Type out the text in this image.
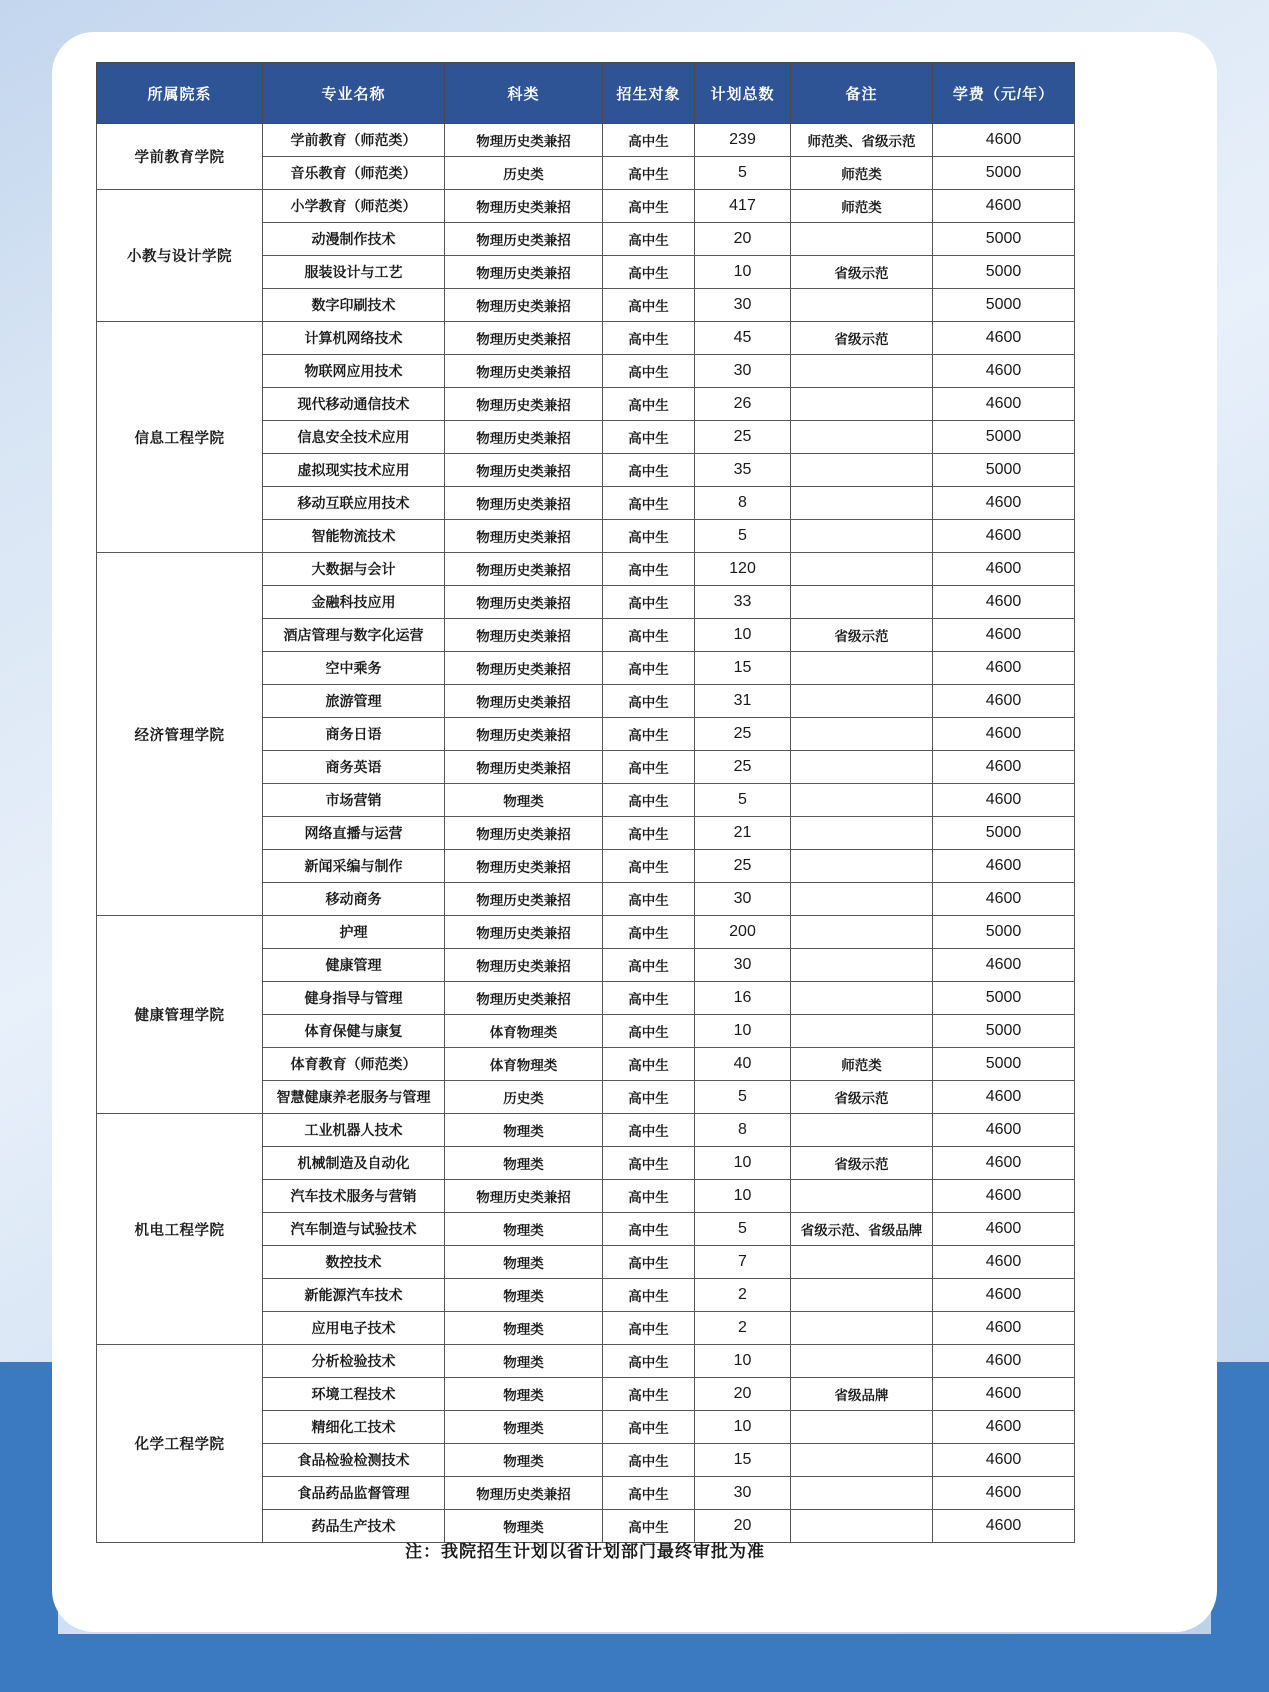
所属院系	专业名称	科类	招生对象	计划总数	备注	学费（元/年）
学前教育学院	学前教育（师范类）	物理历史类兼招	高中生	239	师范类、省级示范	4600
	音乐教育（师范类）	历史类	高中生	5	师范类	5000
小教与设计学院	小学教育（师范类）	物理历史类兼招	高中生	417	师范类	4600
	动漫制作技术	物理历史类兼招	高中生	20		5000
	服装设计与工艺	物理历史类兼招	高中生	10	省级示范	5000
	数字印刷技术	物理历史类兼招	高中生	30		5000
信息工程学院	计算机网络技术	物理历史类兼招	高中生	45	省级示范	4600
	物联网应用技术	物理历史类兼招	高中生	30		4600
	现代移动通信技术	物理历史类兼招	高中生	26		4600
	信息安全技术应用	物理历史类兼招	高中生	25		5000
	虚拟现实技术应用	物理历史类兼招	高中生	35		5000
	移动互联应用技术	物理历史类兼招	高中生	8		4600
	智能物流技术	物理历史类兼招	高中生	5		4600
经济管理学院	大数据与会计	物理历史类兼招	高中生	120		4600
	金融科技应用	物理历史类兼招	高中生	33		4600
	酒店管理与数字化运营	物理历史类兼招	高中生	10	省级示范	4600
	空中乘务	物理历史类兼招	高中生	15		4600
	旅游管理	物理历史类兼招	高中生	31		4600
	商务日语	物理历史类兼招	高中生	25		4600
	商务英语	物理历史类兼招	高中生	25		4600
	市场营销	物理类	高中生	5		4600
	网络直播与运营	物理历史类兼招	高中生	21		5000
	新闻采编与制作	物理历史类兼招	高中生	25		4600
	移动商务	物理历史类兼招	高中生	30		4600
健康管理学院	护理	物理历史类兼招	高中生	200		5000
	健康管理	物理历史类兼招	高中生	30		4600
	健身指导与管理	物理历史类兼招	高中生	16		5000
	体育保健与康复	体育物理类	高中生	10		5000
	体育教育（师范类）	体育物理类	高中生	40	师范类	5000
	智慧健康养老服务与管理	历史类	高中生	5	省级示范	4600
机电工程学院	工业机器人技术	物理类	高中生	8		4600
	机械制造及自动化	物理类	高中生	10	省级示范	4600
	汽车技术服务与营销	物理历史类兼招	高中生	10		4600
	汽车制造与试验技术	物理类	高中生	5	省级示范、省级品牌	4600
	数控技术	物理类	高中生	7		4600
	新能源汽车技术	物理类	高中生	2		4600
	应用电子技术	物理类	高中生	2		4600
化学工程学院	分析检验技术	物理类	高中生	10		4600
	环境工程技术	物理类	高中生	20	省级品牌	4600
	精细化工技术	物理类	高中生	10		4600
	食品检验检测技术	物理类	高中生	15		4600
	食品药品监督管理	物理历史类兼招	高中生	30		4600
	药品生产技术	物理类	高中生	20		4600
注：我院招生计划以省计划部门最终审批为准
